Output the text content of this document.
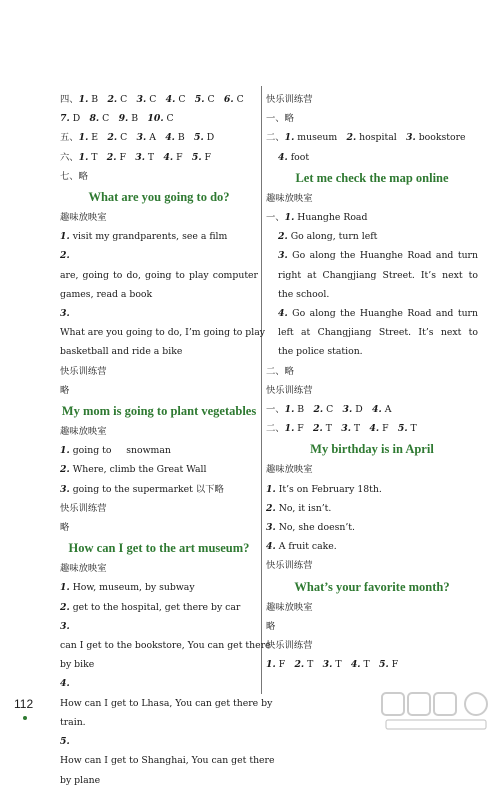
四、1. B  2. C  3. C  4. C  5. C  6. C 
7. D  8. C  9. B  10. C 
五、1. E  2. C  3. A  4. B  5. D 
六、1. T  2. F  3. T  4. F  5. F 
七、略
What are you going to do?
趣味放映室
1. visit my grandparents, see a film
2. are, going to do, going to play computer
games, read a book
3. What are you going to do, I’m going to play
basketball and ride a bike
快乐训练营
略
My mom is going to plant vegetables
趣味放映室
1. going to     snowman
2. Where, climb the Great Wall
3. going to the supermarket 以下略
快乐训练营
略
How can I get to the art museum?
趣味放映室
1. How, museum, by subway
2. get to the hospital, get there by car
3. can I get to the bookstore, You can get there
by bike
4. How can I get to Lhasa, You can get there by
train.
5. How can I get to Shanghai, You can get there
by plane
快乐训练营
一、略
二、1. museum  2. hospital  3. bookstore 
4. foot
Let me check the map online
趣味放映室
一、1. Huanghe Road
2. Go along, turn left
3. Go along the Huanghe Road and turn
right at Changjiang Street. It’s next to
the school.
4. Go along the Huanghe Road and turn
left at Changjiang Street. It’s next to
the police station.
二、略
快乐训练营
一、1. B  2. C  3. D  4. A 
二、1. F  2. T  3. T  4. F  5. T 
My birthday is in April
趣味放映室
1. It’s on February 18th.
2. No, it isn’t.
3. No, she doesn’t.
4. A fruit cake.
快乐训练营
What’s your favorite month?
趣味放映室
略
快乐训练营
1. F  2. T  3. T  4. T  5. F 
112
